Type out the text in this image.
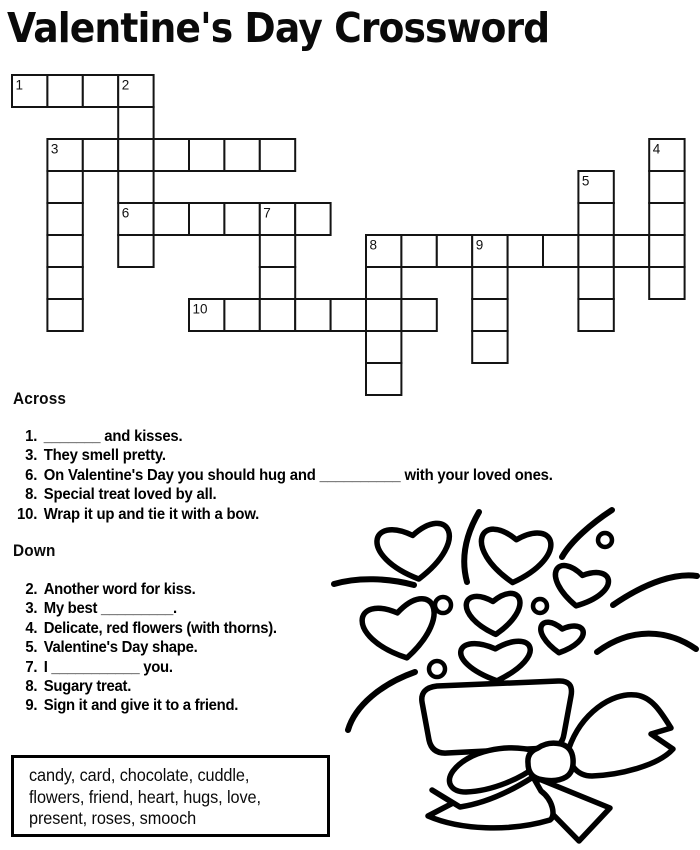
Valentine's Day Crossword
1	2
3	4
5
6	7
8	9
10
Across
1. _______ and kisses.
3. They smell pretty.
6. On Valentine's Day you should hug and __________ with your loved ones.
8. Special treat loved by all.
10. Wrap it up and tie it with a bow.
Down
2. Another word for kiss.
3. My best _________.
4. Delicate, red flowers (with thorns).
5. Valentine's Day shape.
7. I ___________ you.
8. Sugary treat.
9. Sign it and give it to a friend.
candy, card, chocolate, cuddle,
flowers, friend, heart, hugs, love,
present, roses, smooch
